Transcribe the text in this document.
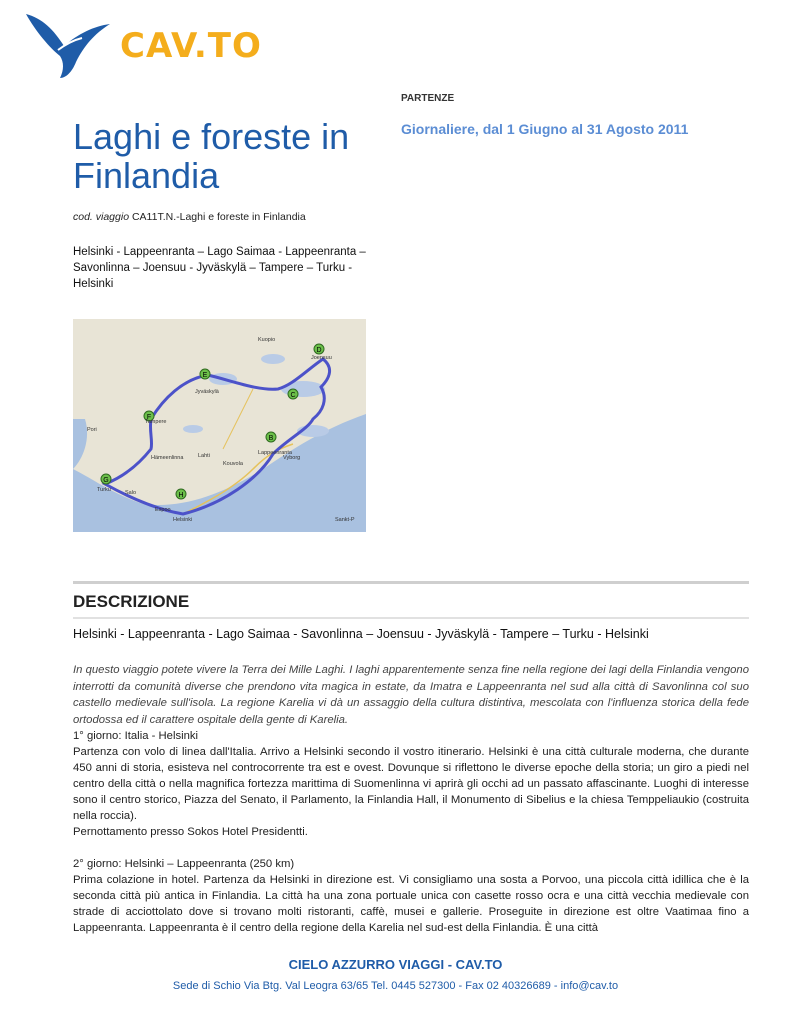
CAV.TO
Laghi e foreste in Finlandia
cod. viaggio CA11T.N.-Laghi e foreste in Finlandia
Helsinki - Lappeenranta – Lago Saimaa - Lappeenranta – Savonlinna – Joensuu - Jyväskylä – Tampere – Turku - Helsinki
PARTENZE
Giornaliere, dal 1 Giugno al 31 Agosto 2011
B
C
D
E
F
G
H
Kuopio
Joensuu
Jyväskylä
Tampere
Pori
Lappeenranta
Hämeenlinna	Lahti
Kouvola
Turku	Salo
Espoo
Helsinki
Vyborg
Sankt-P
DESCRIZIONE
Helsinki - Lappeenranta - Lago Saimaa - Savonlinna – Joensuu - Jyväskylä - Tampere – Turku - Helsinki
In questo viaggio potete vivere la Terra dei Mille Laghi. I laghi apparentemente senza fine nella regione dei lagi della Finlandia vengono interrotti da comunità diverse che prendono vita magica in estate, da Imatra e Lappeenranta nel sud alla città di Savonlinna col suo castello medievale sull'isola. La regione Karelia vi dà un assaggio della cultura distintiva, mescolata con l'influenza storica della fede ortodossa ed il carattere ospitale della gente di Karelia.

1° giorno: Italia - Helsinki

Partenza con volo di linea dall'Italia. Arrivo a Helsinki secondo il vostro itinerario. Helsinki è una città culturale moderna, che durante 450 anni di storia, esisteva nel controcorrente tra est e ovest. Dovunque si riflettono le diverse epoche della storia; un giro a piedi nel centro della città o nella magnifica fortezza marittima di Suomenlinna vi aprirà gli occhi ad un passato affascinante. Luoghi di interesse sono il centro storico, Piazza del Senato, il Parlamento, la Finlandia Hall, il Monumento di Sibelius e la chiesa Temppeliaukio (costruita nella roccia).

Pernottamento presso Sokos Hotel Presidentti.

2° giorno: Helsinki – Lappeenranta (250 km)

Prima colazione in hotel. Partenza da Helsinki in direzione est. Vi consigliamo una sosta a Porvoo, una piccola città idillica che è la seconda città più antica in Finlandia. La città ha una zona portuale unica con casette rosso ocra e una città vecchia medievale con strade di acciottolato dove si trovano molti ristoranti, caffè, musei e gallerie. Proseguite in direzione est oltre Vaatimaa fino a Lappeenranta. Lappeenranta è il centro della regione della Karelia nel sud-est della Finlandia. È una città

CIELO AZZURRO VIAGGI - CAV.TO
Sede di Schio Via Btg. Val Leogra 63/65 Tel. 0445 527300 - Fax 02 40326689 - info@cav.to
